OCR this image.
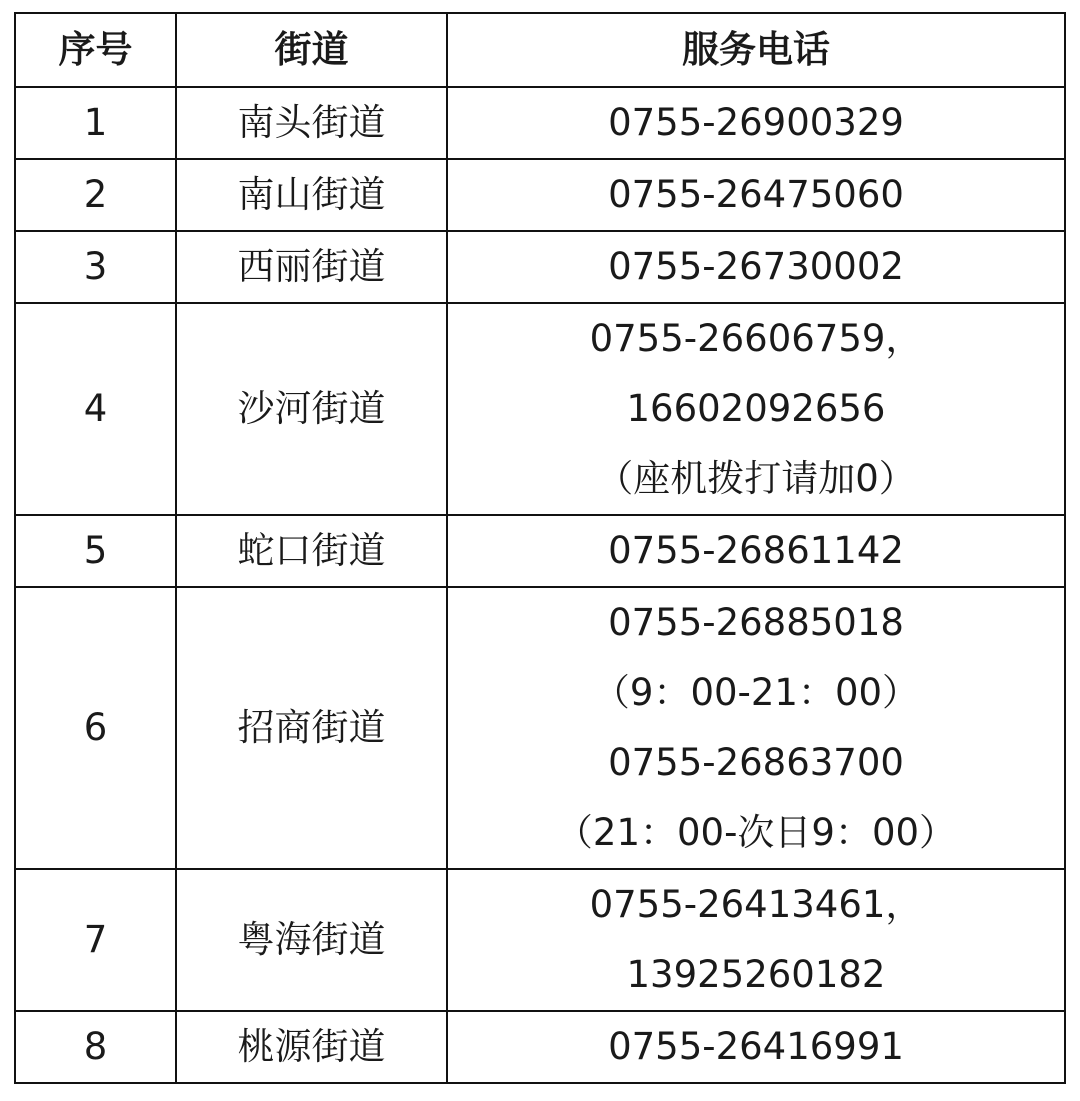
序号	街道	服务电话
1	南头街道	0755-26900329

2	南山街道	0755-26475060

3	西丽街道	0755-26730002

4	沙河街道	0755-26606759，
16602092656
（座机拨打请加0）

5	蛇口街道	0755-26861142

6	招商街道	0755-26885018
（9：00-21：00）
0755-26863700
（21：00-次日9：00）

7	粤海街道	0755-26413461，
13925260182

8	桃源街道	0755-26416991
